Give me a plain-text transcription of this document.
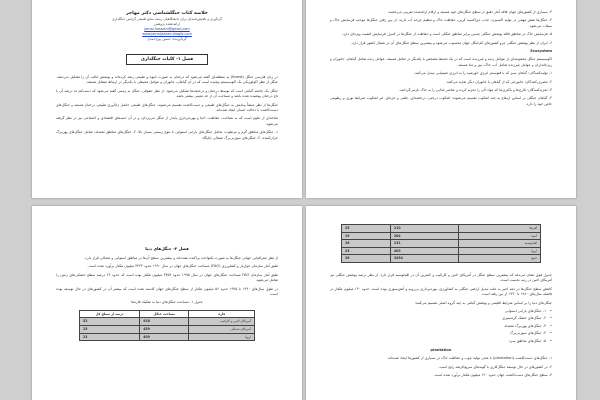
خلاصه کتاب جنگلشناسی دکتر مهاجر
گردآوری و تلخیص‌نامه‌ای برای دانشگاهیان رشته منابع طبیعی گرایش جنگلداری
ارائه‌دهنده پژوهش
jamal.hosseini@gmail.com
www.jamaljahsen.blogfa.com
گردآورنده: حسین پوراحمدی
فصل ۱- کلیات جنگلداری

در زبان فارسی جنگل (forest) به منطقه‌ای گفته می‌شود که درختان به صورت انبوه و طبیعی رشد کرده‌اند و پوشش غالب آن را تشکیل می‌دهند. جنگل از نظر اکولوژیکی یک اکوسیستم پیچیده است که در آن گیاهان، جانوران و عوامل محیطی با یکدیگر در ارتباط متقابل هستند.

جنگل یک جامعه گیاهی است که توسط درختان و درختچه‌ها تشکیل می‌شود. از نظر حقوقی، جنگل به زمینی گفته می‌شود که دست‌کم ده درصد آن با تاج درختان پوشیده شده باشد و مساحت آن از حد معینی بیشتر باشد.

جنگل‌ها از نظر منشأ پیدایش به جنگل‌های طبیعی و دست‌کاشت تقسیم می‌شوند. جنگل‌های طبیعی حاصل زادآوری طبیعی درختان هستند و جنگل‌های دست‌کاشت با دخالت انسان ایجاد شده‌اند.

شاخه‌ای از علوم است که به شناخت، حفاظت، احیا و بهره‌برداری پایدار از جنگل می‌پردازد و در آن جنبه‌های اقتصادی و اجتماعی نیز در نظر گرفته می‌شود.

۱- جنگل‌های مناطق گرم و مرطوب: شامل جنگل‌های بارانی استوایی با تنوع زیستی بسیار بالا. ۲- جنگل‌های مناطق معتدله: شامل جنگل‌های پهن‌برگ خزان‌کننده. ۳- جنگل‌های سوزنی‌برگ شمالی (تایگا).

۳- بسیاری از کشورهای جهان فاقد آمار دقیق از سطح جنگل‌های خود هستند و ارقام ارائه‌شده تقریبی می‌باشند.

۴- جنگل‌ها نقش مهمی در تولید اکسیژن، جذب دی‌اکسید کربن، حفاظت خاک و تنظیم چرخه آب دارند. از بین رفتن جنگل‌ها موجب فرسایش خاک و سیلاب می‌شود.

۵- فرسایش خاک در مناطق فاقد پوشش جنگلی چندین برابر مناطق جنگلی است و حفاظت از جنگل‌ها در کنترل فرسایش اهمیت ویژه‌ای دارد.

۶- ایران از نظر پوشش جنگلی جزو کشورهای کم‌جنگل جهان محسوب می‌شود و بیشترین سطح جنگل‌های آن در شمال کشور قرار دارد.

Ecosystem

اکوسیستم جنگل مجموعه‌ای از عوامل زنده و غیرزنده است که در یک محیط مشخص با یکدیگر در تعامل هستند. عوامل زنده شامل گیاهان، جانوران و ریزجانداران و عوامل غیرزنده شامل آب، خاک، نور و دما هستند.

۱- تولیدکنندگان: گیاهان سبز که با فتوسنتز انرژی خورشید را به انرژی شیمیایی تبدیل می‌کنند.

۲- مصرف‌کنندگان: جانورانی که از گیاهان یا جانوران دیگر تغذیه می‌کنند.

۳- تجزیه‌کنندگان: قارچ‌ها و باکتری‌ها که مواد آلی را تجزیه کرده و عناصر غذایی را به خاک بازمی‌گردانند.

۴- گیاهان جنگلی بر اساس ارتفاع به چند اشکوب تقسیم می‌شوند: اشکوب درختی، درختچه‌ای، علفی و خزه‌ای. هر اشکوب شرایط نوری و رطوبتی خاص خود را دارد.

فصل ۲- جنگل‌های دنیا

از نظر جغرافیایی جهانی جنگل‌ها به صورت یکنواخت پراکنده نشده‌اند و بیشترین سطح آن‌ها در مناطق استوایی و شمالی قرار دارد.

طبق آمار سازمان خواربار و کشاورزی (FAO) مساحت جنگل‌های جهان در سال ۱۹۹۰ حدود ۳۴۴۲ میلیون هکتار برآورد شده است.

طبق آمار سازمان FAO مساحت جنگل‌های جهان در سال ۱۹۹۵ حدود ۳۴۵۴ میلیون هکتار بوده است که حدود ۲۶ درصد سطح خشکی‌های زمین را شامل می‌شود.

در طول سال‌های ۱۹۹۰ تا ۱۹۹۵ حدود ۵۶ میلیون هکتار از سطح جنگل‌های جهان کاسته شده است که بیشتر آن در کشورهای در حال توسعه بوده است.

جدول ۱- مساحت جنگل‌های دنیا به تفکیک قاره‌ها

قاره	مساحت جنگل	درصد از سطح کل
آمریکای لاتین و کارائیب	928	52
آمریکای شمالی	459	25
اروپا	409	23
آفریقا	210	25
آسیا	284	19
اقیانوسیه	131	18
اروپا	409	23
جمع	3454	26

جدول فوق نشان می‌دهد که بیشترین سطح جنگل در آمریکای لاتین و کارائیب و کمترین آن در اقیانوسیه قرار دارد. از نظر درصد پوشش جنگلی نیز آمریکای لاتین در رتبه نخست است.

کاهش سطح جنگل‌ها در دهه اخیر به علت تبدیل اراضی جنگلی به کشاورزی، بهره‌برداری بی‌رویه و آتش‌سوزی بوده است. حدود ۱۳۰ میلیون هکتار در فاصله سال‌های ۱۹۸۰ تا ۱۹۹۰ از بین رفته است.

جنگل‌های دنیا را بر اساس شرایط اقلیمی و پوشش گیاهی به چند گروه اصلی تقسیم می‌کنند:

• ۱- جنگل‌های بارانی استوایی
• ۲- جنگل‌های خشک گرمسیری
• ۳- جنگل‌های پهن‌برگ معتدله
• ۴- جنگل‌های سوزنی‌برگ
• ۵- جنگل‌های مناطق سرد

plantation

۱- جنگل‌های دست‌کاشت (plantation) با هدف تولید چوب و حفاظت خاک در بسیاری از کشورها ایجاد شده‌اند.

۲- در کشورهای در حال توسعه جنگل‌کاری با گونه‌های سریع‌الرشد رایج است.

۳- سطح جنگل‌های دست‌کاشت جهان حدود ۱۲۰ میلیون هکتار برآورد شده است.
